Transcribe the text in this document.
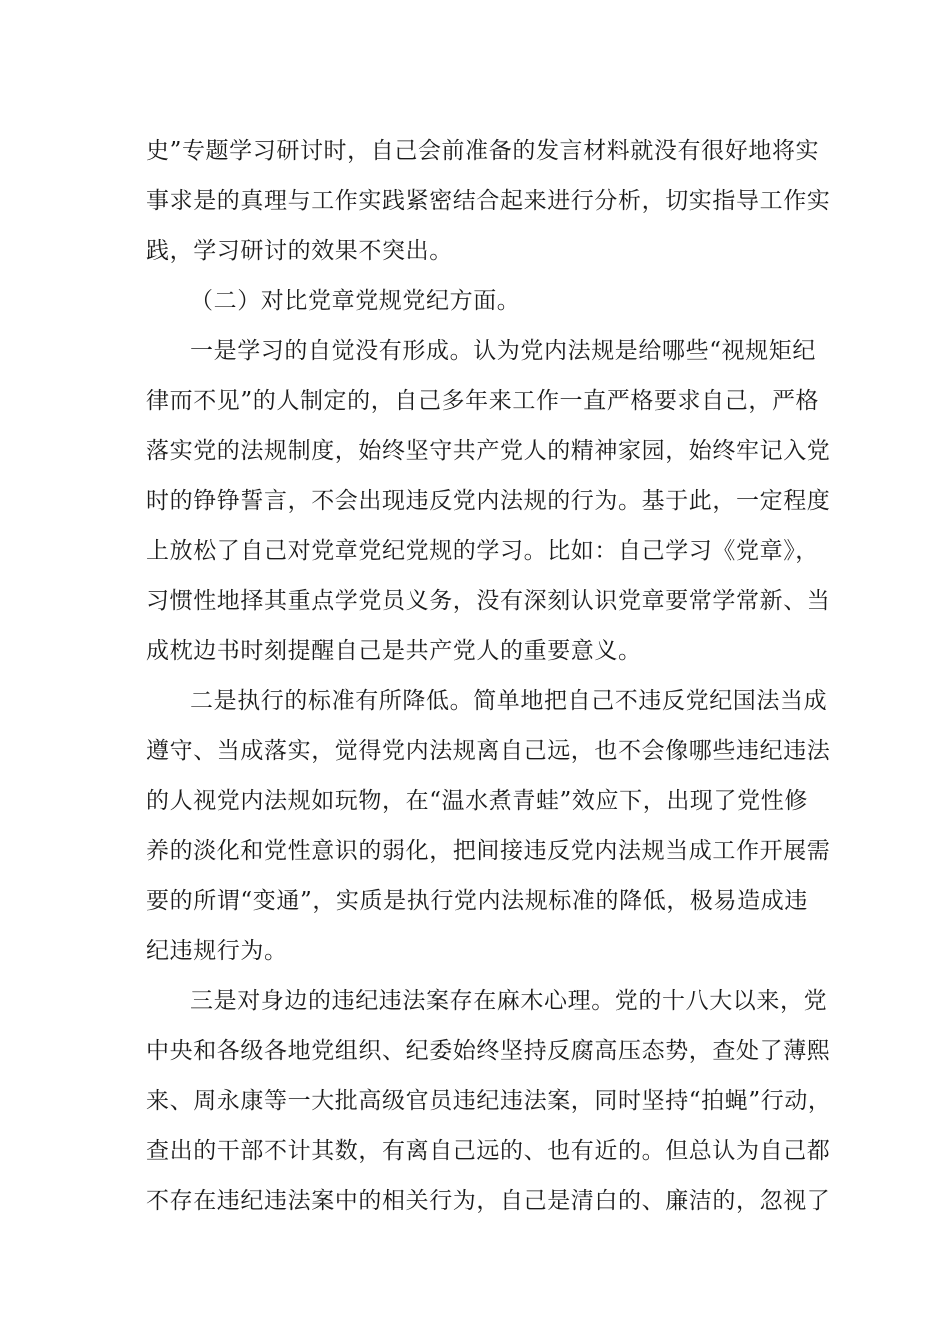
史”专题学习研讨时，自己会前准备的发言材料就没有很好地将实
事求是的真理与工作实践紧密结合起来进行分析，切实指导工作实
践，学习研讨的效果不突出。
（二）对比党章党规党纪方面。
一是学习的自觉没有形成。认为党内法规是给哪些“视规矩纪
律而不见”的人制定的，自己多年来工作一直严格要求自己，严格
落实党的法规制度，始终坚守共产党人的精神家园，始终牢记入党
时的铮铮誓言，不会出现违反党内法规的行为。基于此，一定程度
上放松了自己对党章党纪党规的学习。比如：自己学习《党章》，
习惯性地择其重点学党员义务，没有深刻认识党章要常学常新、当
成枕边书时刻提醒自己是共产党人的重要意义。
二是执行的标准有所降低。简单地把自己不违反党纪国法当成
遵守、当成落实，觉得党内法规离自己远，也不会像哪些违纪违法
的人视党内法规如玩物，在“温水煮青蛙”效应下，出现了党性修
养的淡化和党性意识的弱化，把间接违反党内法规当成工作开展需
要的所谓“变通”，实质是执行党内法规标准的降低，极易造成违
纪违规行为。
三是对身边的违纪违法案存在麻木心理。党的十八大以来，党
中央和各级各地党组织、纪委始终坚持反腐高压态势，查处了薄熙
来、周永康等一大批高级官员违纪违法案，同时坚持“拍蝇”行动，
查出的干部不计其数，有离自己远的、也有近的。但总认为自己都
不存在违纪违法案中的相关行为，自己是清白的、廉洁的，忽视了
